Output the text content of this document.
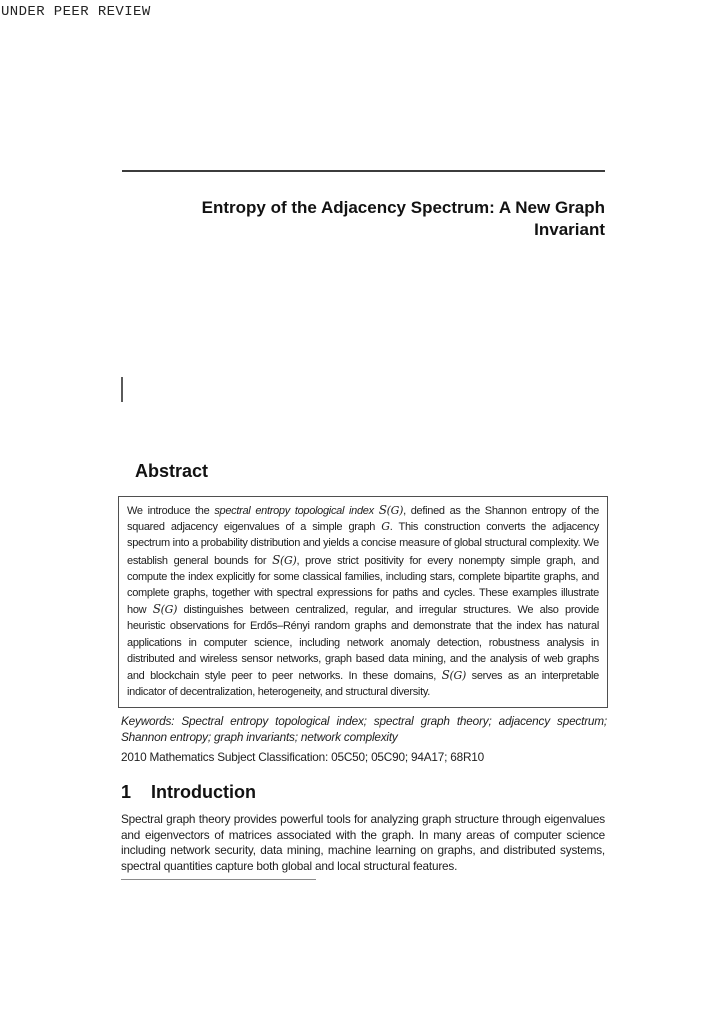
UNDER PEER REVIEW
Entropy of the Adjacency Spectrum: A New Graph
Invariant
Abstract

We introduce the spectral entropy topological index S(G), defined as the Shannon entropy of the squared adjacency eigenvalues of a simple graph G. This construction converts the adjacency spectrum into a probability distribution and yields a concise measure of global structural complexity. We establish general bounds for S(G), prove strict positivity for every nonempty simple graph, and compute the index explicitly for some classical families, including stars, complete bipartite graphs, and complete graphs, together with spectral expressions for paths and cycles. These examples illustrate how S(G) distinguishes between centralized, regular, and irregular structures. We also provide heuristic observations for Erdős–Rényi random graphs and demonstrate that the index has natural applications in computer science, including network anomaly detection, robustness analysis in distributed and wireless sensor networks, graph based data mining, and the analysis of web graphs and blockchain style peer to peer networks. In these domains, S(G) serves as an interpretable indicator of decentralization, heterogeneity, and structural diversity.

Keywords: Spectral entropy topological index; spectral graph theory; adjacency spectrum; Shannon entropy; graph invariants; network complexity

2010 Mathematics Subject Classification: 05C50; 05C90; 94A17; 68R10

1 Introduction

Spectral graph theory provides powerful tools for analyzing graph structure through eigenvalues and eigenvectors of matrices associated with the graph. In many areas of computer science including network security, data mining, machine learning on graphs, and distributed systems, spectral quantities capture both global and local structural features.
